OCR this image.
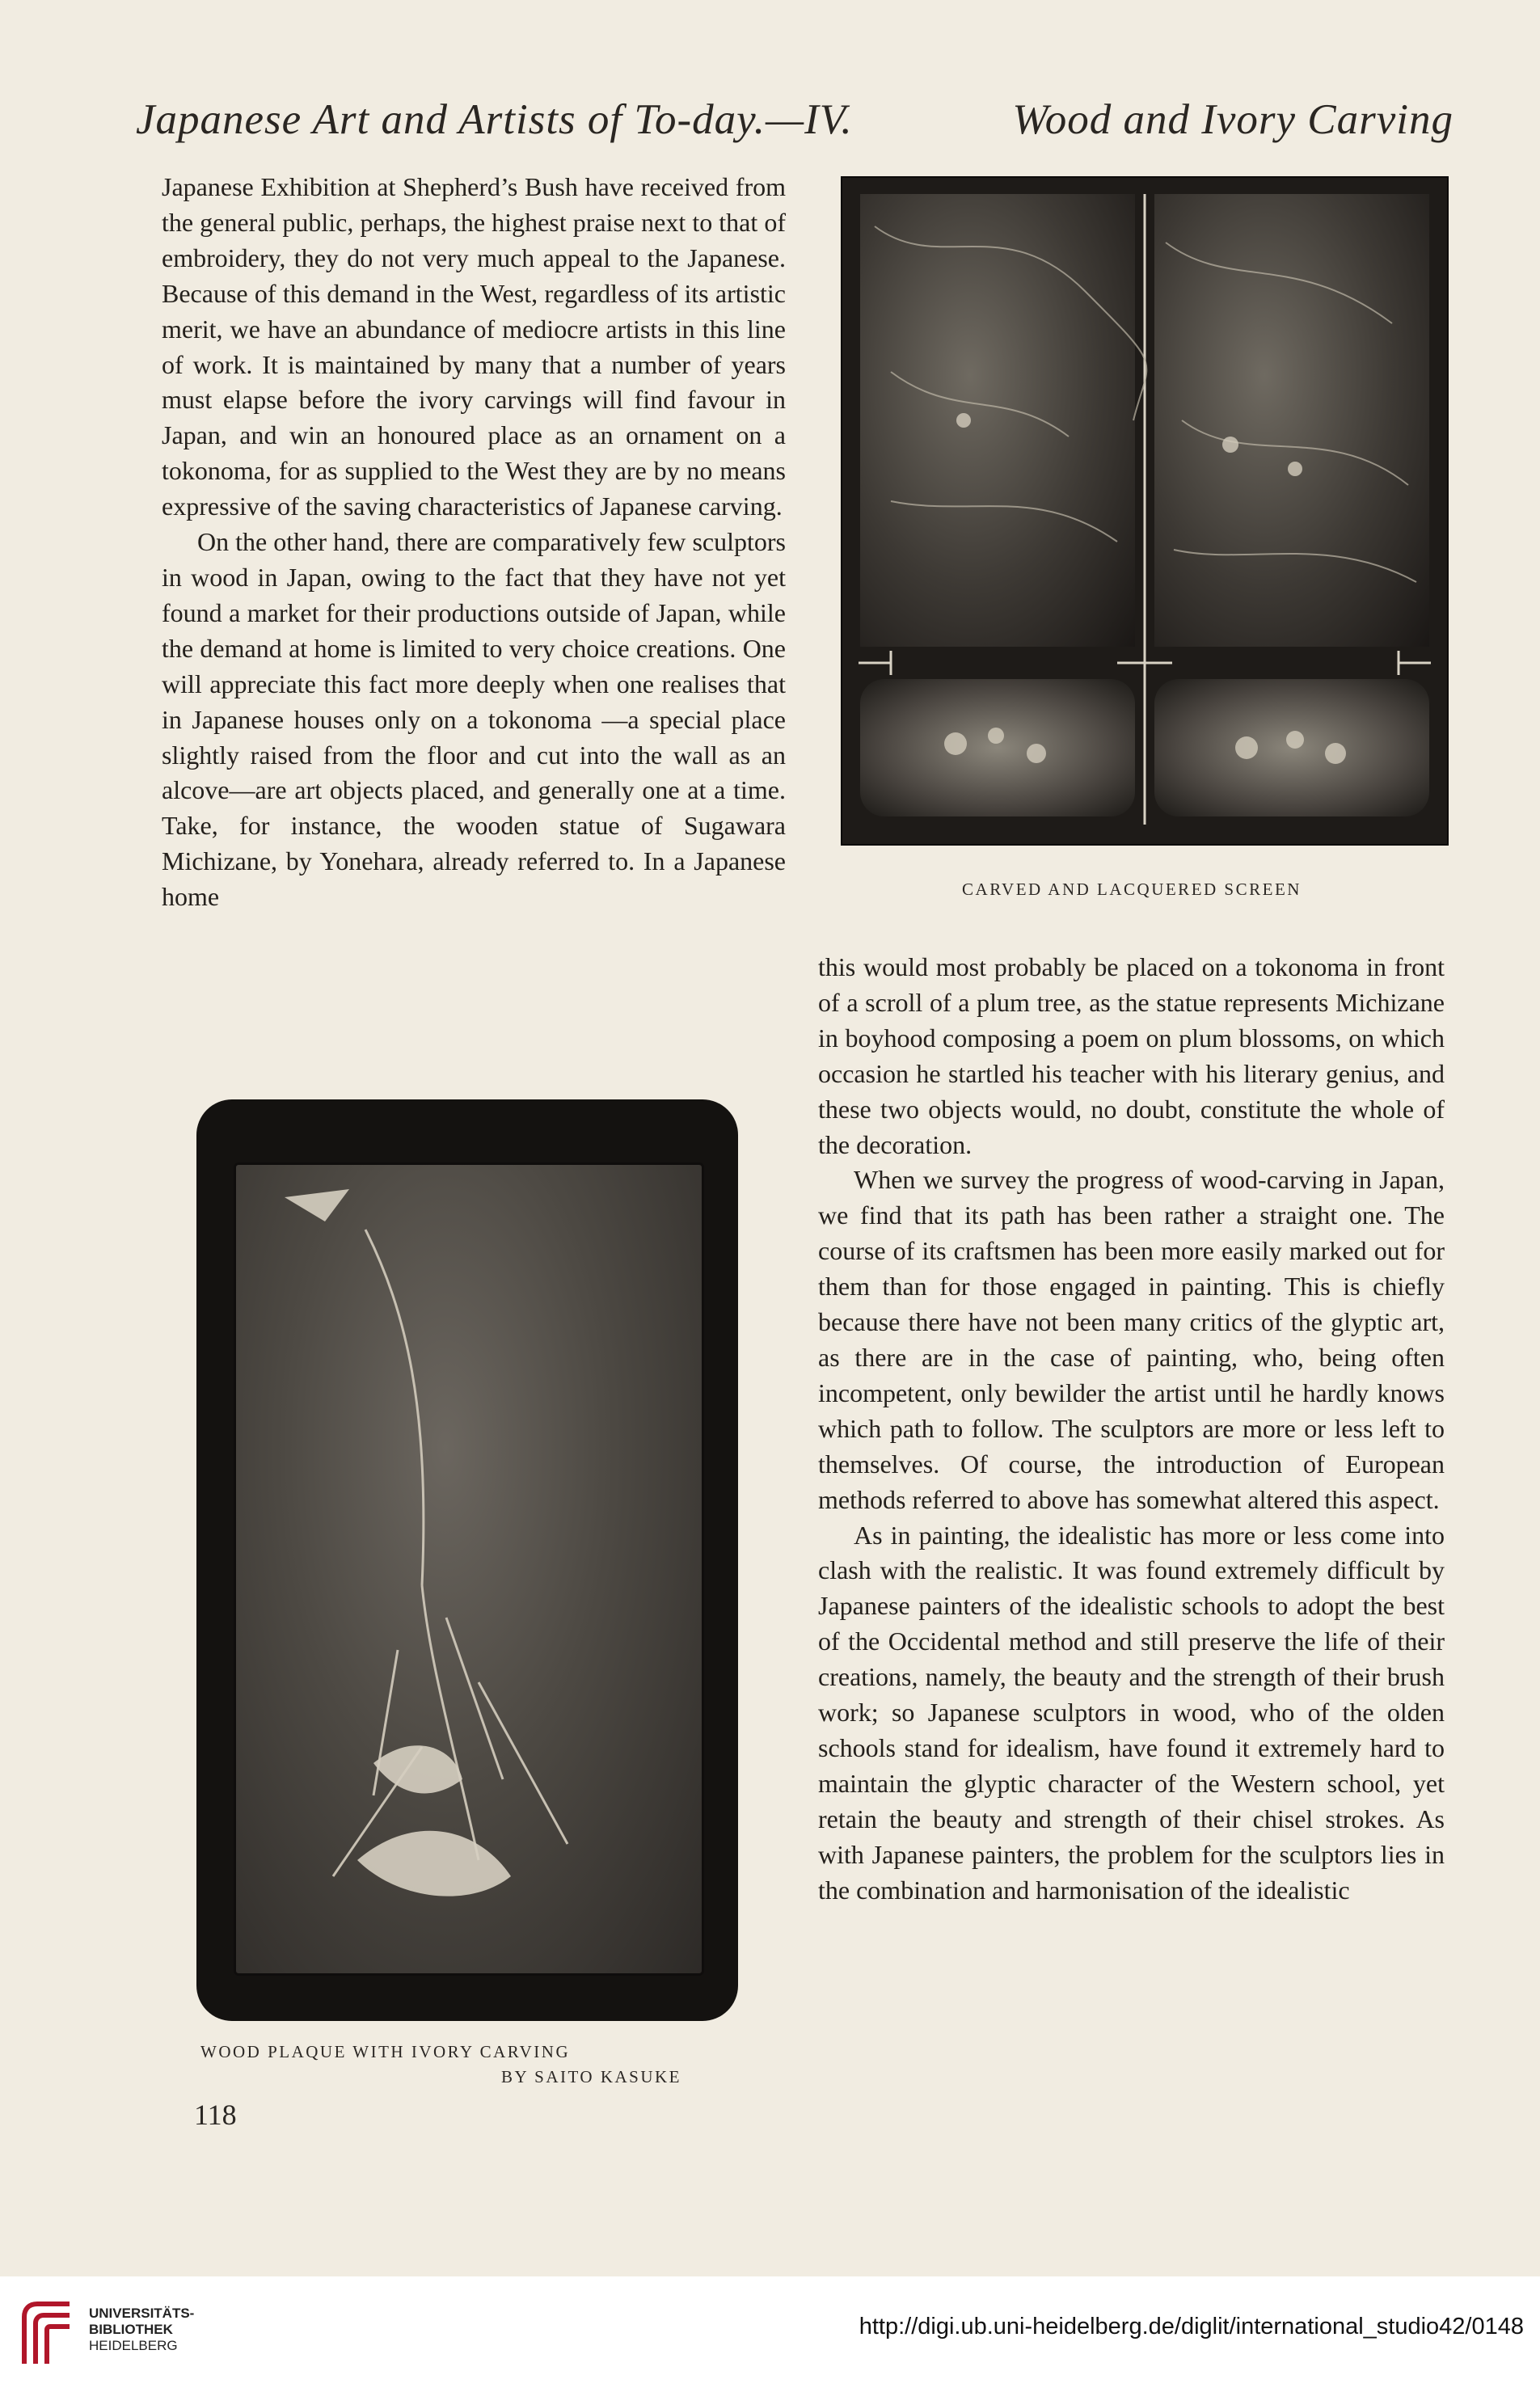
Japanese Art and Artists of To-day.—IV.	Wood and Ivory Carving
CARVED AND LACQUERED SCREEN

Japanese Exhibition at Shepherd’s Bush have received from the general public, perhaps, the highest praise next to that of embroidery, they do not very much appeal to the Japanese. Because of this demand in the West, regardless of its artistic merit, we have an abundance of mediocre artists in this line of work. It is maintained by many that a number of years must elapse before the ivory carvings will find favour in Japan, and win an honoured place as an ornament on a tokonoma, for as supplied to the West they are by no means expressive of the saving characteristics of Japanese carving.

On the other hand, there are comparatively few sculptors in wood in Japan, owing to the fact that they have not yet found a market for their productions outside of Japan, while the demand at home is limited to very choice creations. One will appreciate this fact more deeply when one realises that in Japanese houses only on a tokonoma —a special place slightly raised from the floor and cut into the wall as an alcove—are art objects placed, and generally one at a time. Take, for instance, the wooden statue of Sugawara Michizane, by Yonehara, already referred to. In a Japanese home

WOOD PLAQUE WITH IVORY CARVING
BY SAITO KASUKE
118

this would most probably be placed on a tokonoma in front of a scroll of a plum tree, as the statue represents Michizane in boyhood composing a poem on plum blossoms, on which occasion he startled his teacher with his literary genius, and these two objects would, no doubt, constitute the whole of the decoration.

When we survey the progress of wood-carving in Japan, we find that its path has been rather a straight one. The course of its craftsmen has been more easily marked out for them than for those engaged in painting. This is chiefly because there have not been many critics of the glyptic art, as there are in the case of painting, who, being often incompetent, only bewilder the artist until he hardly knows which path to follow. The sculptors are more or less left to themselves. Of course, the introduction of European methods referred to above has somewhat altered this aspect.

As in painting, the idealistic has more or less come into clash with the realistic. It was found extremely difficult by Japanese painters of the idealistic schools to adopt the best of the Occidental method and still preserve the life of their creations, namely, the beauty and the strength of their brush work; so Japanese sculptors in wood, who of the olden schools stand for idealism, have found it extremely hard to maintain the glyptic character of the Western school, yet retain the beauty and strength of their chisel strokes. As with Japanese painters, the problem for the sculptors lies in the combination and harmonisation of the idealistic

UNIVERSITÄTS-
BIBLIOTHEK
HEIDELBERG
http://digi.ub.uni-heidelberg.de/diglit/international_studio42/0148
